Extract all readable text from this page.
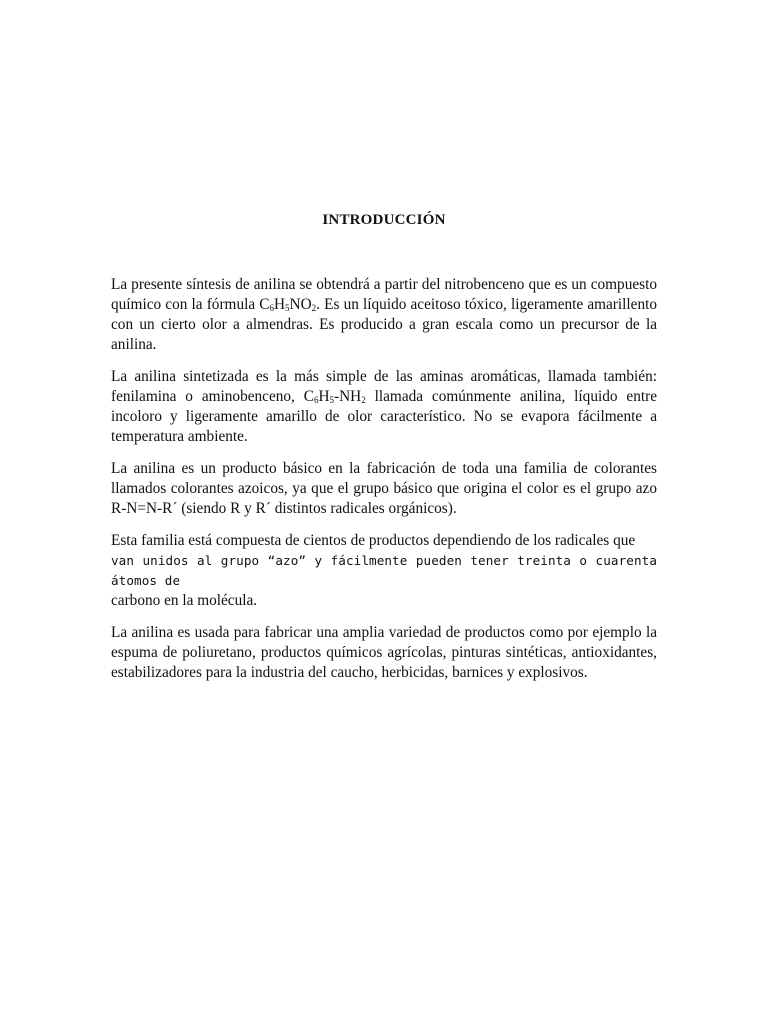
INTRODUCCIÓN

La presente síntesis de anilina se obtendrá a partir del nitrobenceno que es un compuesto químico con la fórmula $C_6H_5NO_2$. Es un líquido aceitoso tóxico, ligeramente amarillento con un cierto olor a almendras. Es producido a gran escala como un precursor de la anilina.

La anilina sintetizada es la más simple de las aminas aromáticas, llamada también: fenilamina o aminobenceno, $C_6H_5-NH_2$ llamada comúnmente anilina, líquido entre incoloro y ligeramente amarillo de olor característico. No se evapora fácilmente a temperatura ambiente.

La anilina es un producto básico en la fabricación de toda una familia de colorantes llamados colorantes azoicos, ya que el grupo básico que origina el color es el grupo azo R-N=N-R´ (siendo R y R´ distintos radicales orgánicos).

Esta familia está compuesta de cientos de productos dependiendo de los radicales que
van unidos al grupo “azo” y fácilmente pueden tener treinta o cuarenta átomos de
carbono en la molécula.

La anilina es usada para fabricar una amplia variedad de productos como por ejemplo la espuma de poliuretano, productos químicos agrícolas, pinturas sintéticas, antioxidantes, estabilizadores para la industria del caucho, herbicidas, barnices y explosivos.
